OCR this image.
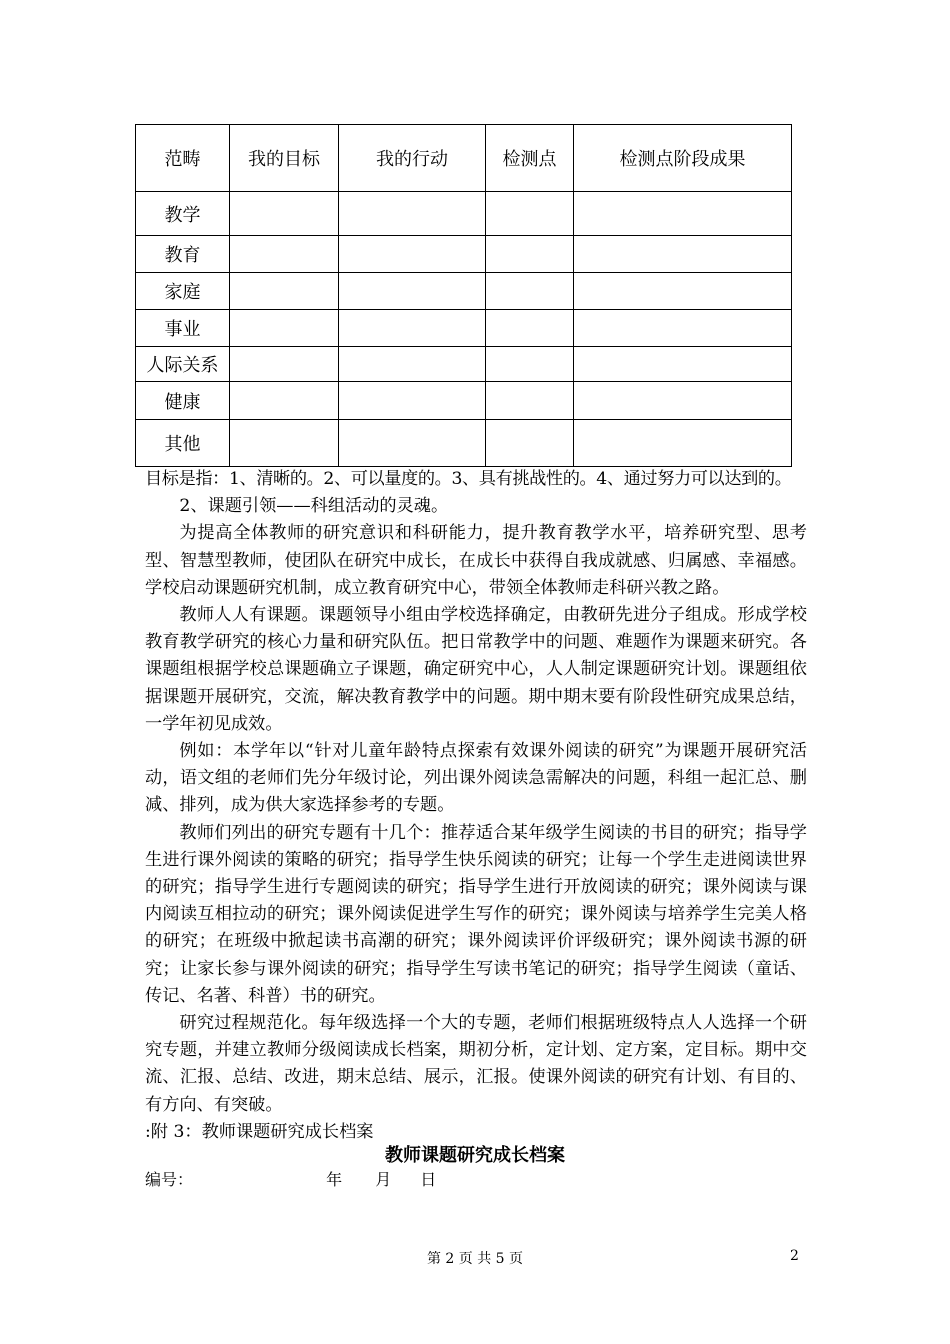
范畴	我的目标	我的行动	检测点	检测点阶段成果
教学				
教育				
家庭				
事业				
人际关系				
健康				
其他				

目标是指：1、清晰的。2、可以量度的。3、具有挑战性的。4、通过努力可以达到的。

2、课题引领——科组活动的灵魂。

为提高全体教师的研究意识和科研能力，提升教育教学水平，培养研究型、思考型、智慧型教师，使团队在研究中成长，在成长中获得自我成就感、归属感、幸福感。学校启动课题研究机制，成立教育研究中心，带领全体教师走科研兴教之路。

教师人人有课题。课题领导小组由学校选择确定，由教研先进分子组成。形成学校教育教学研究的核心力量和研究队伍。把日常教学中的问题、难题作为课题来研究。各课题组根据学校总课题确立子课题，确定研究中心，人人制定课题研究计划。课题组依据课题开展研究，交流，解决教育教学中的问题。期中期末要有阶段性研究成果总结，一学年初见成效。

例如：本学年以“针对儿童年龄特点探索有效课外阅读的研究”为课题开展研究活动，语文组的老师们先分年级讨论，列出课外阅读急需解决的问题，科组一起汇总、删减、排列，成为供大家选择参考的专题。

教师们列出的研究专题有十几个：推荐适合某年级学生阅读的书目的研究；指导学生进行课外阅读的策略的研究；指导学生快乐阅读的研究；让每一个学生走进阅读世界的研究；指导学生进行专题阅读的研究；指导学生进行开放阅读的研究；课外阅读与课内阅读互相拉动的研究；课外阅读促进学生写作的研究；课外阅读与培养学生完美人格的研究；在班级中掀起读书高潮的研究；课外阅读评价评级研究；课外阅读书源的研究；让家长参与课外阅读的研究；指导学生写读书笔记的研究；指导学生阅读（童话、传记、名著、科普）书的研究。

研究过程规范化。每年级选择一个大的专题，老师们根据班级特点人人选择一个研究专题，并建立教师分级阅读成长档案，期初分析，定计划、定方案，定目标。期中交流、汇报、总结、改进，期末总结、展示，汇报。使课外阅读的研究有计划、有目的、有方向、有突破。

:附 3：教师课题研究成长档案

教师课题研究成长档案
编号：	年 月 日
第 2 页 共 5 页	2
